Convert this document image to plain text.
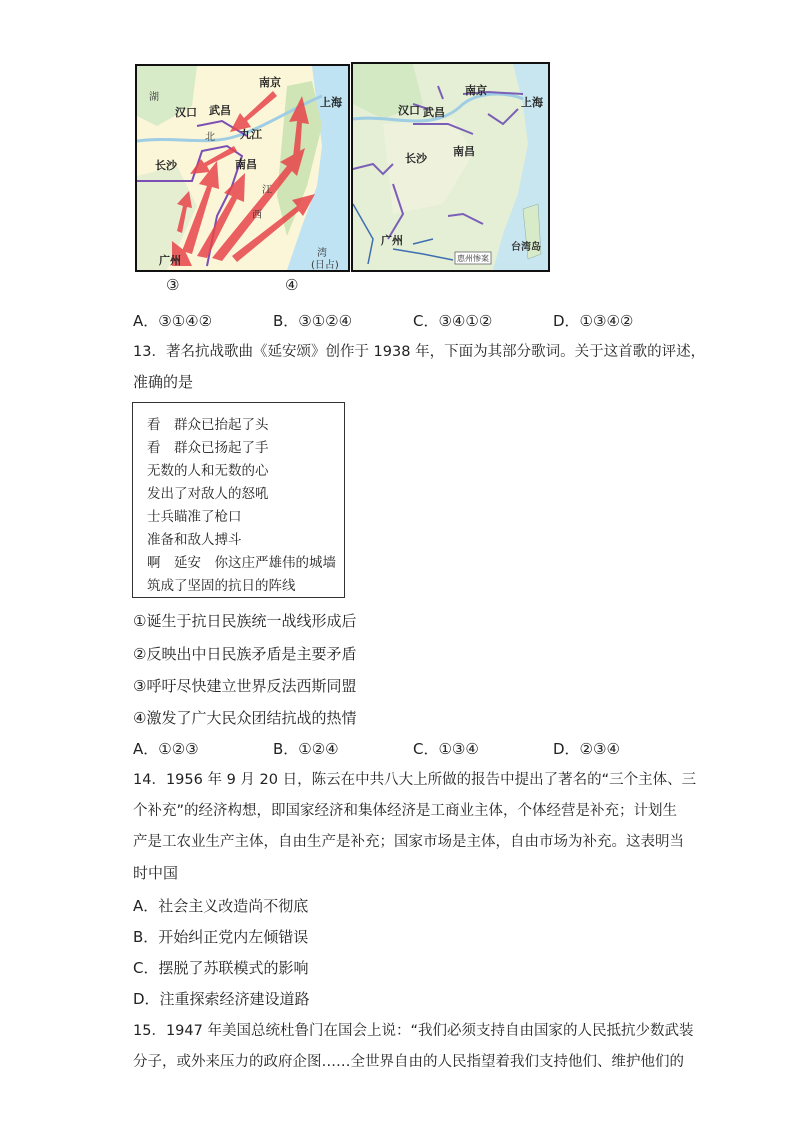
南京
上海
汉口 武昌
九江
南昌
长沙
广州
湖
北
江
西
湾
(日占)
南京
上海
汉口 武昌
长沙
南昌
广州
台湾岛
惠州惨案
③	④
A．③①④②	B．③①②④	C．③④①②	D．①③④②
13．著名抗战歌曲《延安颂》创作于 1938 年，下面为其部分歌词。关于这首歌的评述，
准确的是
看　群众已抬起了头
看　群众已扬起了手
无数的人和无数的心
发出了对敌人的怒吼
士兵瞄准了枪口
准备和敌人搏斗
啊　延安　你这庄严雄伟的城墙
筑成了坚固的抗日的阵线
①诞生于抗日民族统一战线形成后
②反映出中日民族矛盾是主要矛盾
③呼吁尽快建立世界反法西斯同盟
④激发了广大民众团结抗战的热情
A．①②③	B．①②④	C．①③④	D．②③④
14．1956 年 9 月 20 日，陈云在中共八大上所做的报告中提出了著名的“三个主体、三
个补充”的经济构想，即国家经济和集体经济是工商业主体，个体经营是补充；计划生
产是工农业生产主体，自由生产是补充；国家市场是主体，自由市场为补充。这表明当
时中国
A．社会主义改造尚不彻底
B．开始纠正党内左倾错误
C．摆脱了苏联模式的影响
D．注重探索经济建设道路
15．1947 年美国总统杜鲁门在国会上说：“我们必须支持自由国家的人民抵抗少数武装
分子，或外来压力的政府企图……全世界自由的人民指望着我们支持他们、维护他们的
